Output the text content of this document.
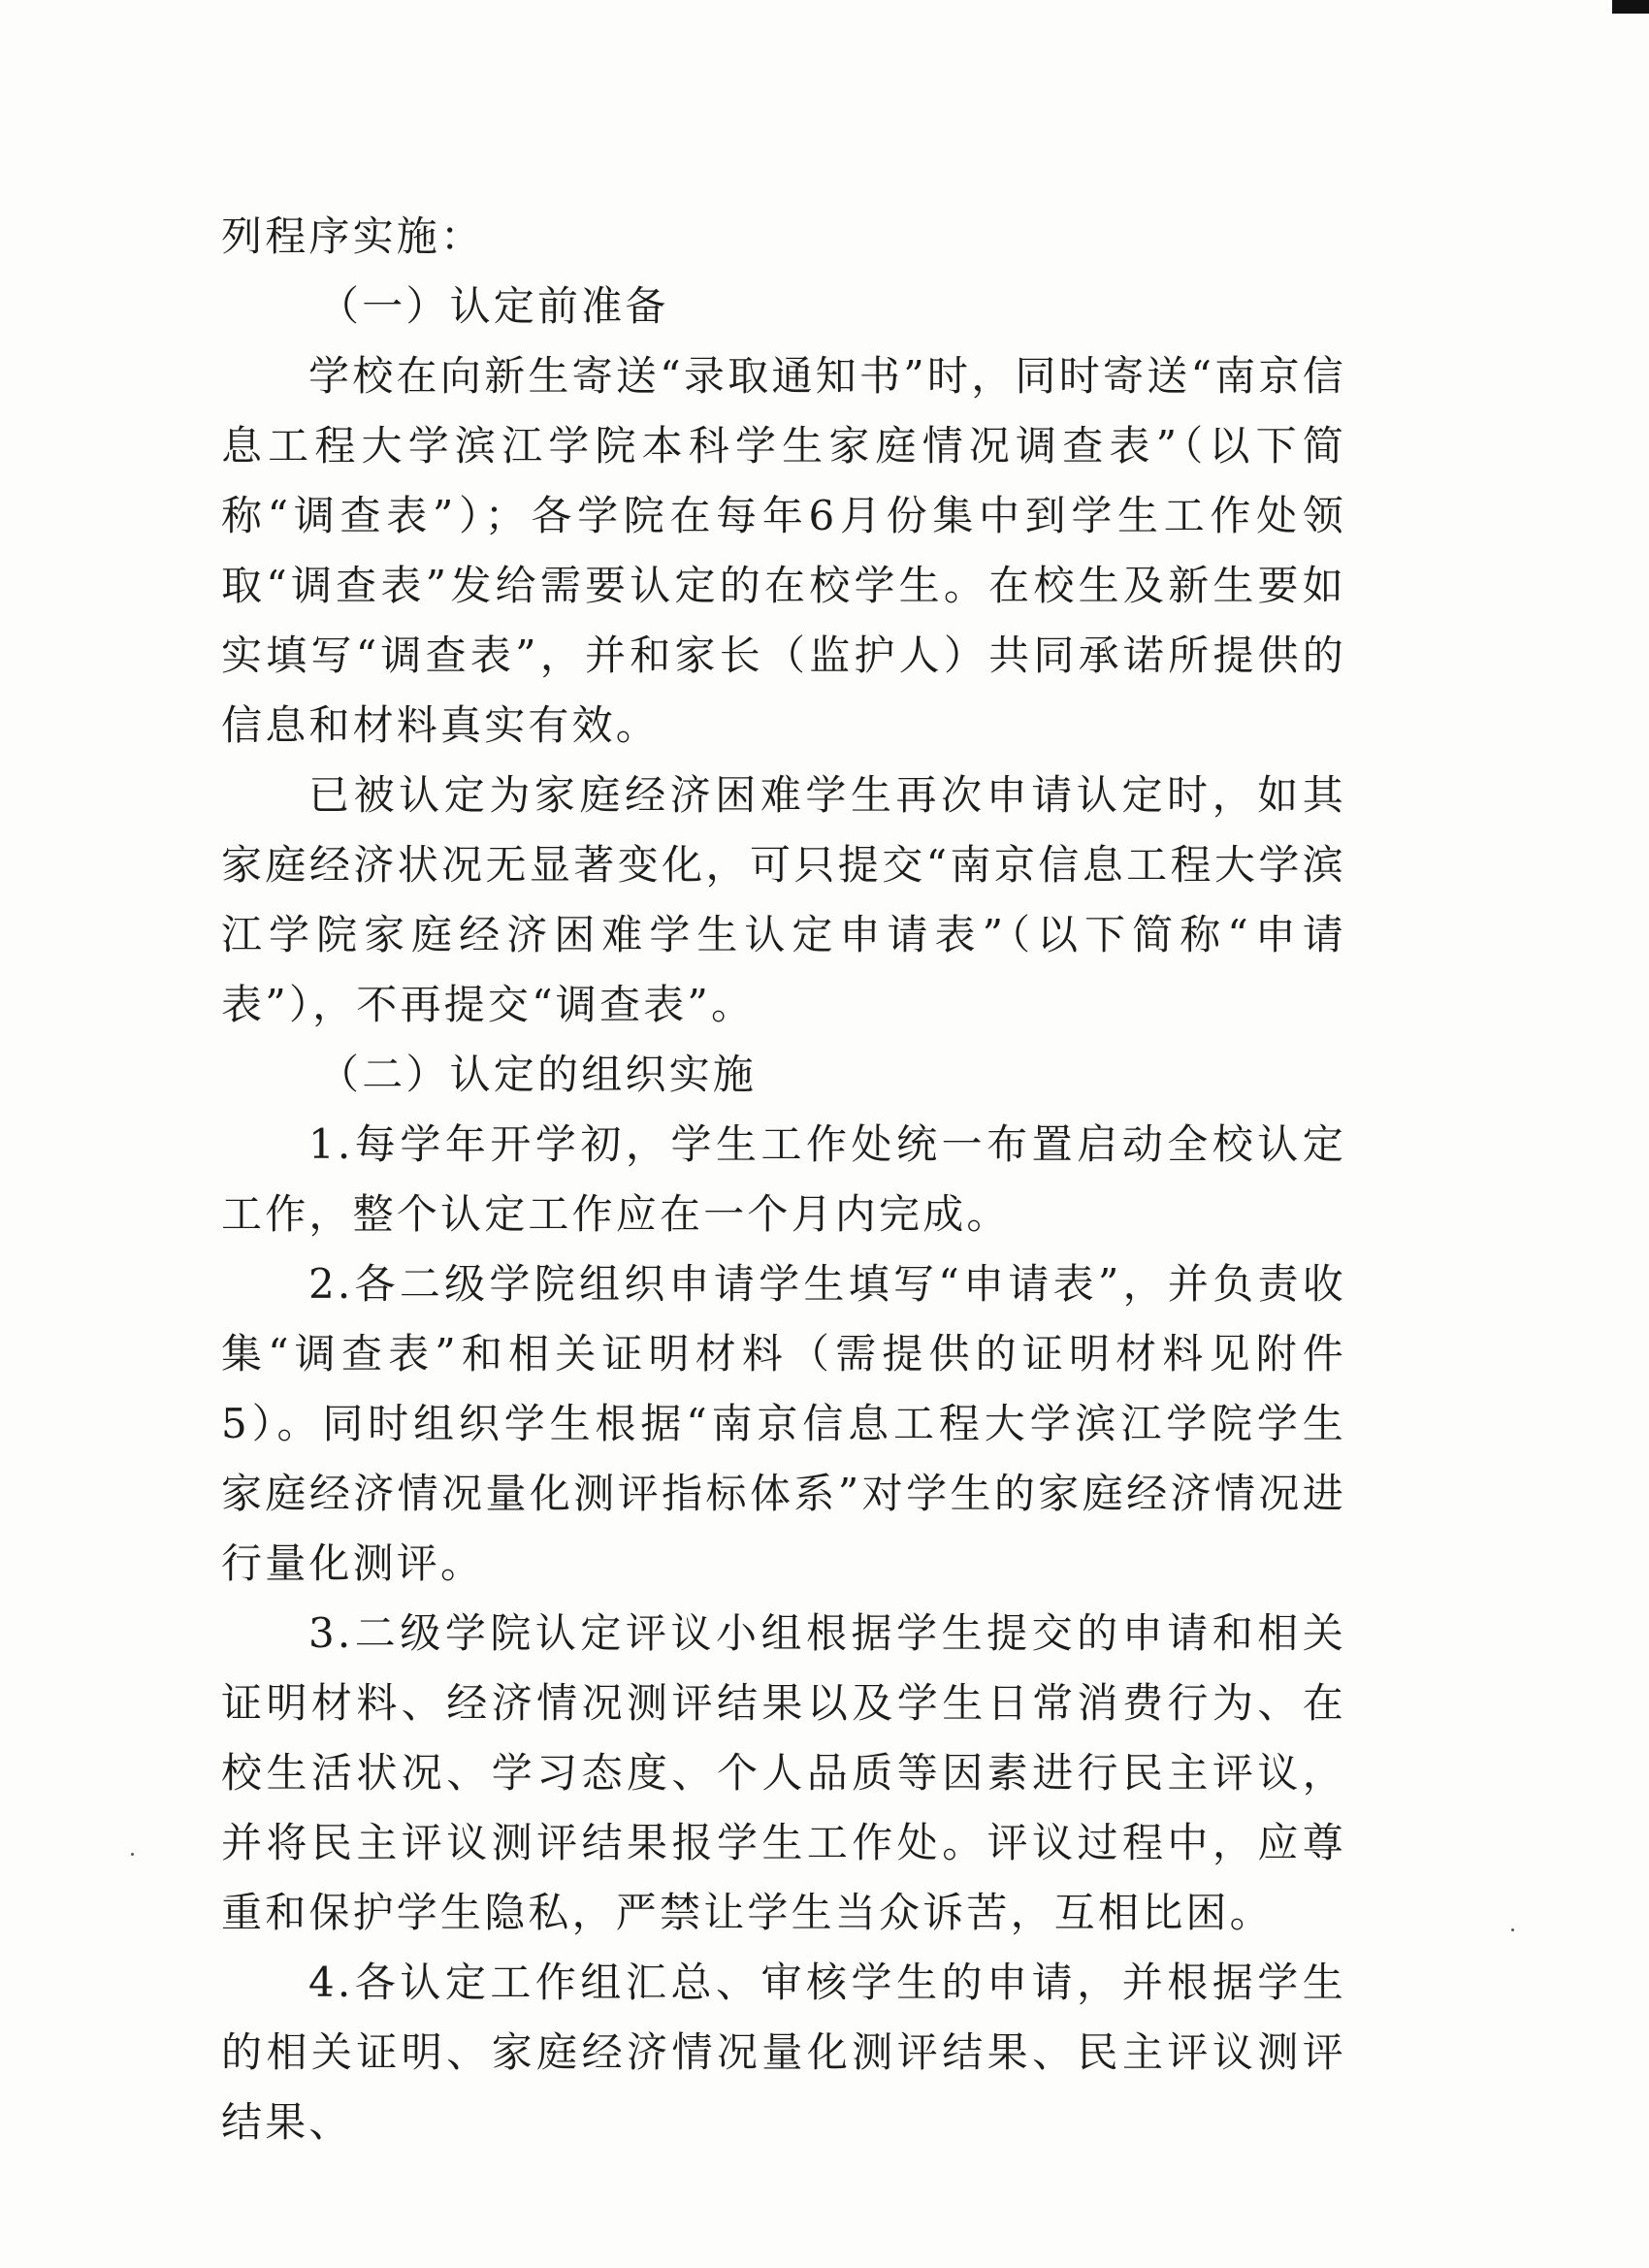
列程序实施：

（一）认定前准备

学校在向新生寄送“录取通知书”时，同时寄送“南京信息工程大学滨江学院本科学生家庭情况调查表”（以下简称“调查表”）；各学院在每年6月份集中到学生工作处领取“调查表”发给需要认定的在校学生。在校生及新生要如实填写“调查表”，并和家长（监护人）共同承诺所提供的信息和材料真实有效。

已被认定为家庭经济困难学生再次申请认定时，如其家庭经济状况无显著变化，可只提交“南京信息工程大学滨江学院家庭经济困难学生认定申请表”（以下简称“申请表”），不再提交“调查表”。

（二）认定的组织实施

1.每学年开学初，学生工作处统一布置启动全校认定工作，整个认定工作应在一个月内完成。

2.各二级学院组织申请学生填写“申请表”，并负责收集“调查表”和相关证明材料（需提供的证明材料见附件5）。同时组织学生根据“南京信息工程大学滨江学院学生家庭经济情况量化测评指标体系”对学生的家庭经济情况进行量化测评。

3.二级学院认定评议小组根据学生提交的申请和相关证明材料、经济情况测评结果以及学生日常消费行为、在校生活状况、学习态度、个人品质等因素进行民主评议，并将民主评议测评结果报学生工作处。评议过程中，应尊重和保护学生隐私，严禁让学生当众诉苦，互相比困。

4.各认定工作组汇总、审核学生的申请，并根据学生的相关证明、家庭经济情况量化测评结果、民主评议测评结果、
